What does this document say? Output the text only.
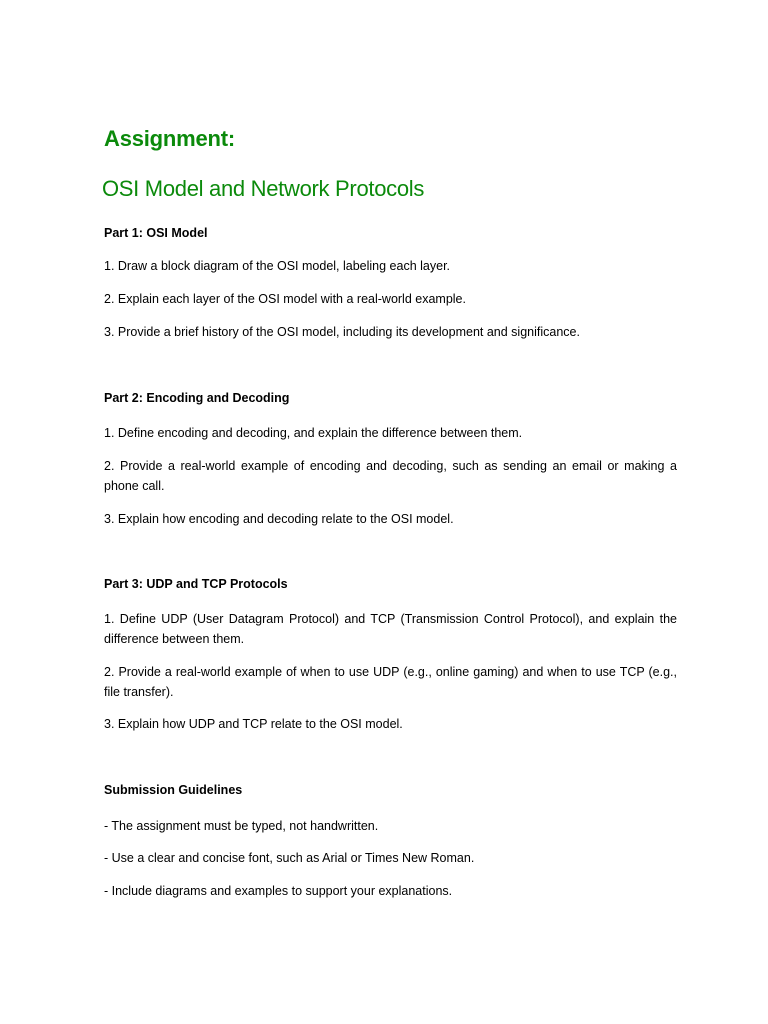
Assignment:
OSI Model and Network Protocols
Part 1: OSI Model

1. Draw a block diagram of the OSI model, labeling each layer.

2. Explain each layer of the OSI model with a real-world example.

3. Provide a brief history of the OSI model, including its development and significance.

Part 2: Encoding and Decoding

1. Define encoding and decoding, and explain the difference between them.

2. Provide a real-world example of encoding and decoding, such as sending an email or making a phone call.

3. Explain how encoding and decoding relate to the OSI model.

Part 3: UDP and TCP Protocols

1. Define UDP (User Datagram Protocol) and TCP (Transmission Control Protocol), and explain the difference between them.

2. Provide a real-world example of when to use UDP (e.g., online gaming) and when to use TCP (e.g., file transfer).

3. Explain how UDP and TCP relate to the OSI model.

Submission Guidelines

- The assignment must be typed, not handwritten.

- Use a clear and concise font, such as Arial or Times New Roman.

- Include diagrams and examples to support your explanations.
